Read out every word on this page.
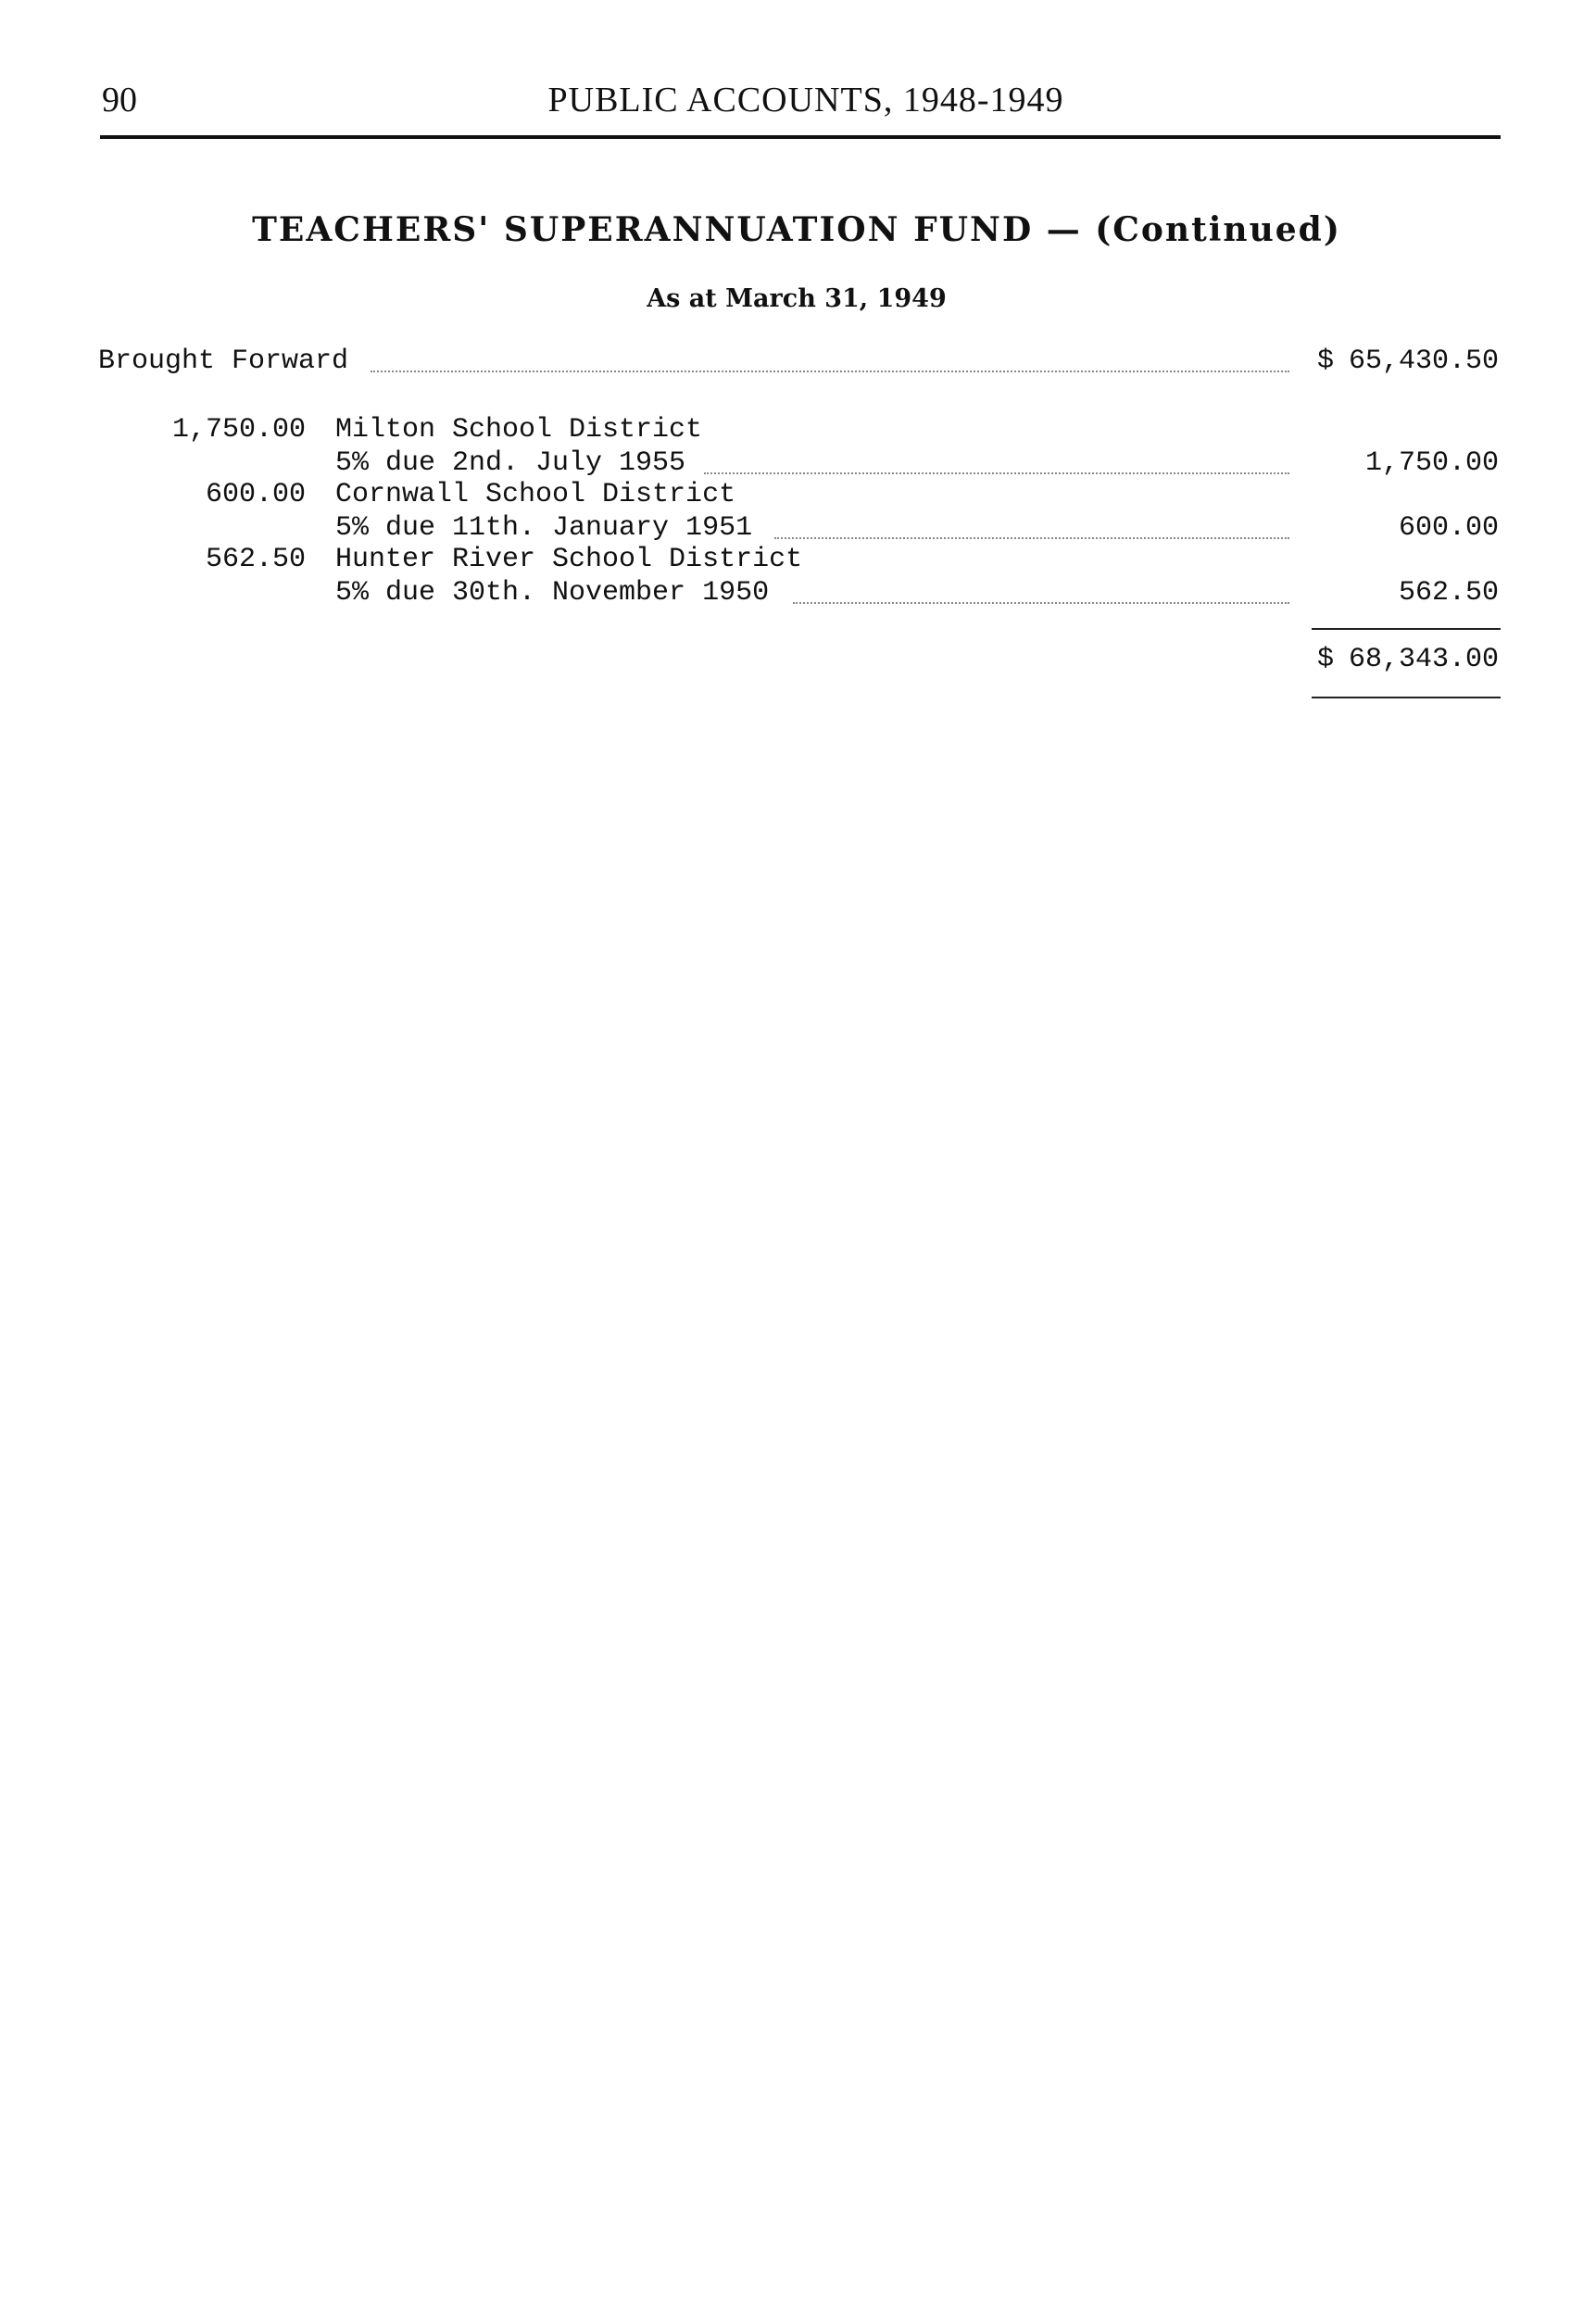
90	PUBLIC ACCOUNTS, 1948-1949
TEACHERS' SUPERANNUATION FUND — (Continued)
As at March 31, 1949
Brought Forward	$ 65,430.50
1,750.00 Milton School District
5% due 2nd. July 1955	1,750.00
600.00 Cornwall School District
5% due 11th. January 1951	600.00
562.50 Hunter River School District
5% due 30th. November 1950	562.50
$ 68,343.00
